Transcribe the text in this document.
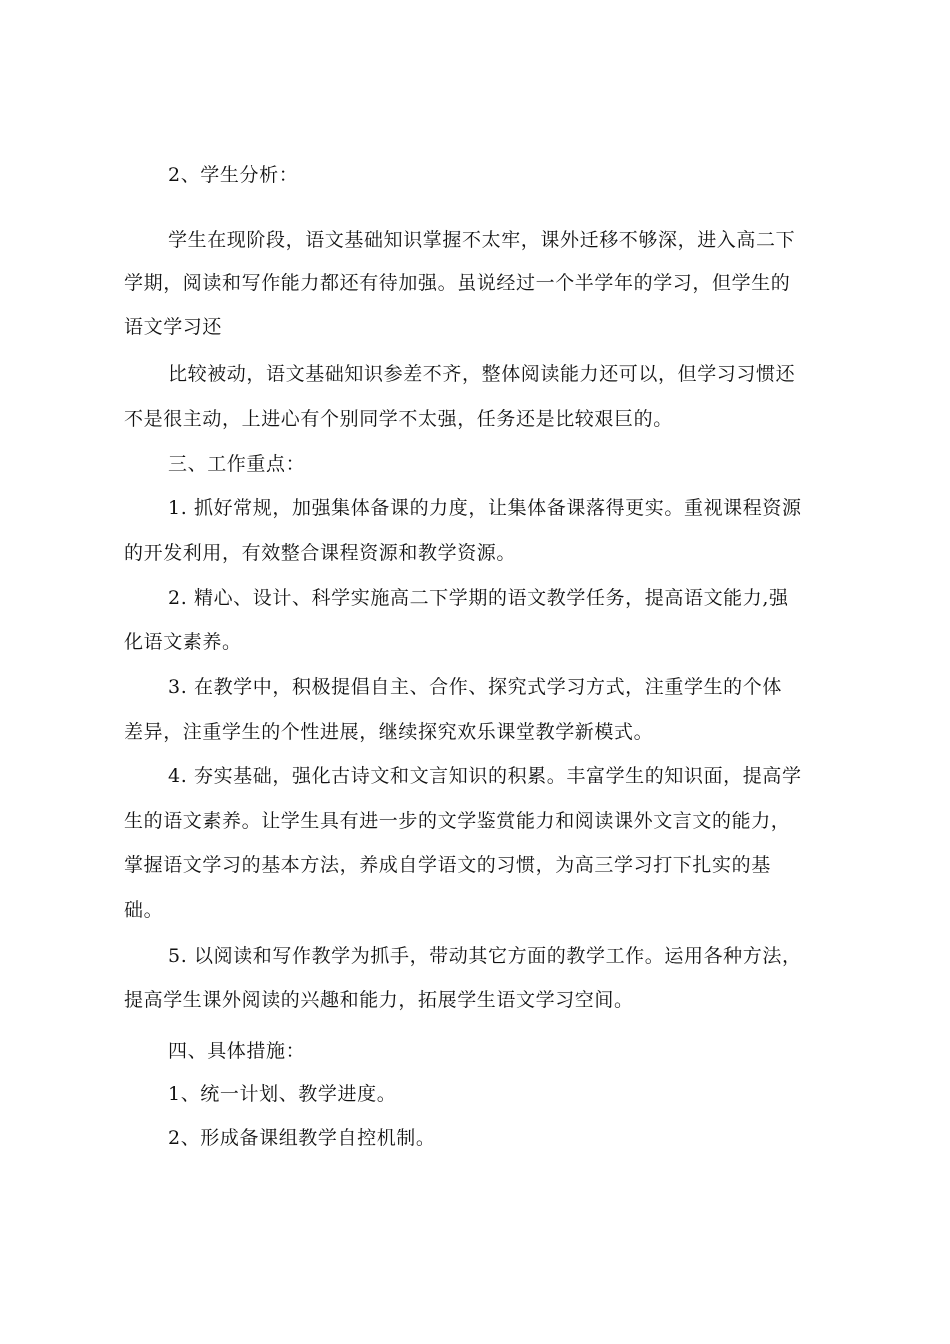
2、学生分析：
学生在现阶段，语文基础知识掌握不太牢，课外迁移不够深，进入高二下
学期，阅读和写作能力都还有待加强。虽说经过一个半学年的学习，但学生的
语文学习还
比较被动，语文基础知识参差不齐，整体阅读能力还可以，但学习习惯还
不是很主动，上进心有个别同学不太强，任务还是比较艰巨的。
三、工作重点：
1. 抓好常规，加强集体备课的力度，让集体备课落得更实。重视课程资源
的开发利用，有效整合课程资源和教学资源。
2. 精心、设计、科学实施高二下学期的语文教学任务，提高语文能力,强
化语文素养。
3. 在教学中，积极提倡自主、合作、探究式学习方式，注重学生的个体
差异，注重学生的个性进展，继续探究欢乐课堂教学新模式。
4. 夯实基础，强化古诗文和文言知识的积累。丰富学生的知识面，提高学
生的语文素养。让学生具有进一步的文学鉴赏能力和阅读课外文言文的能力，
掌握语文学习的基本方法，养成自学语文的习惯，为高三学习打下扎实的基
础。
5. 以阅读和写作教学为抓手，带动其它方面的教学工作。运用各种方法，
提高学生课外阅读的兴趣和能力，拓展学生语文学习空间。
四、具体措施：
1、统一计划、教学进度。
2、形成备课组教学自控机制。
